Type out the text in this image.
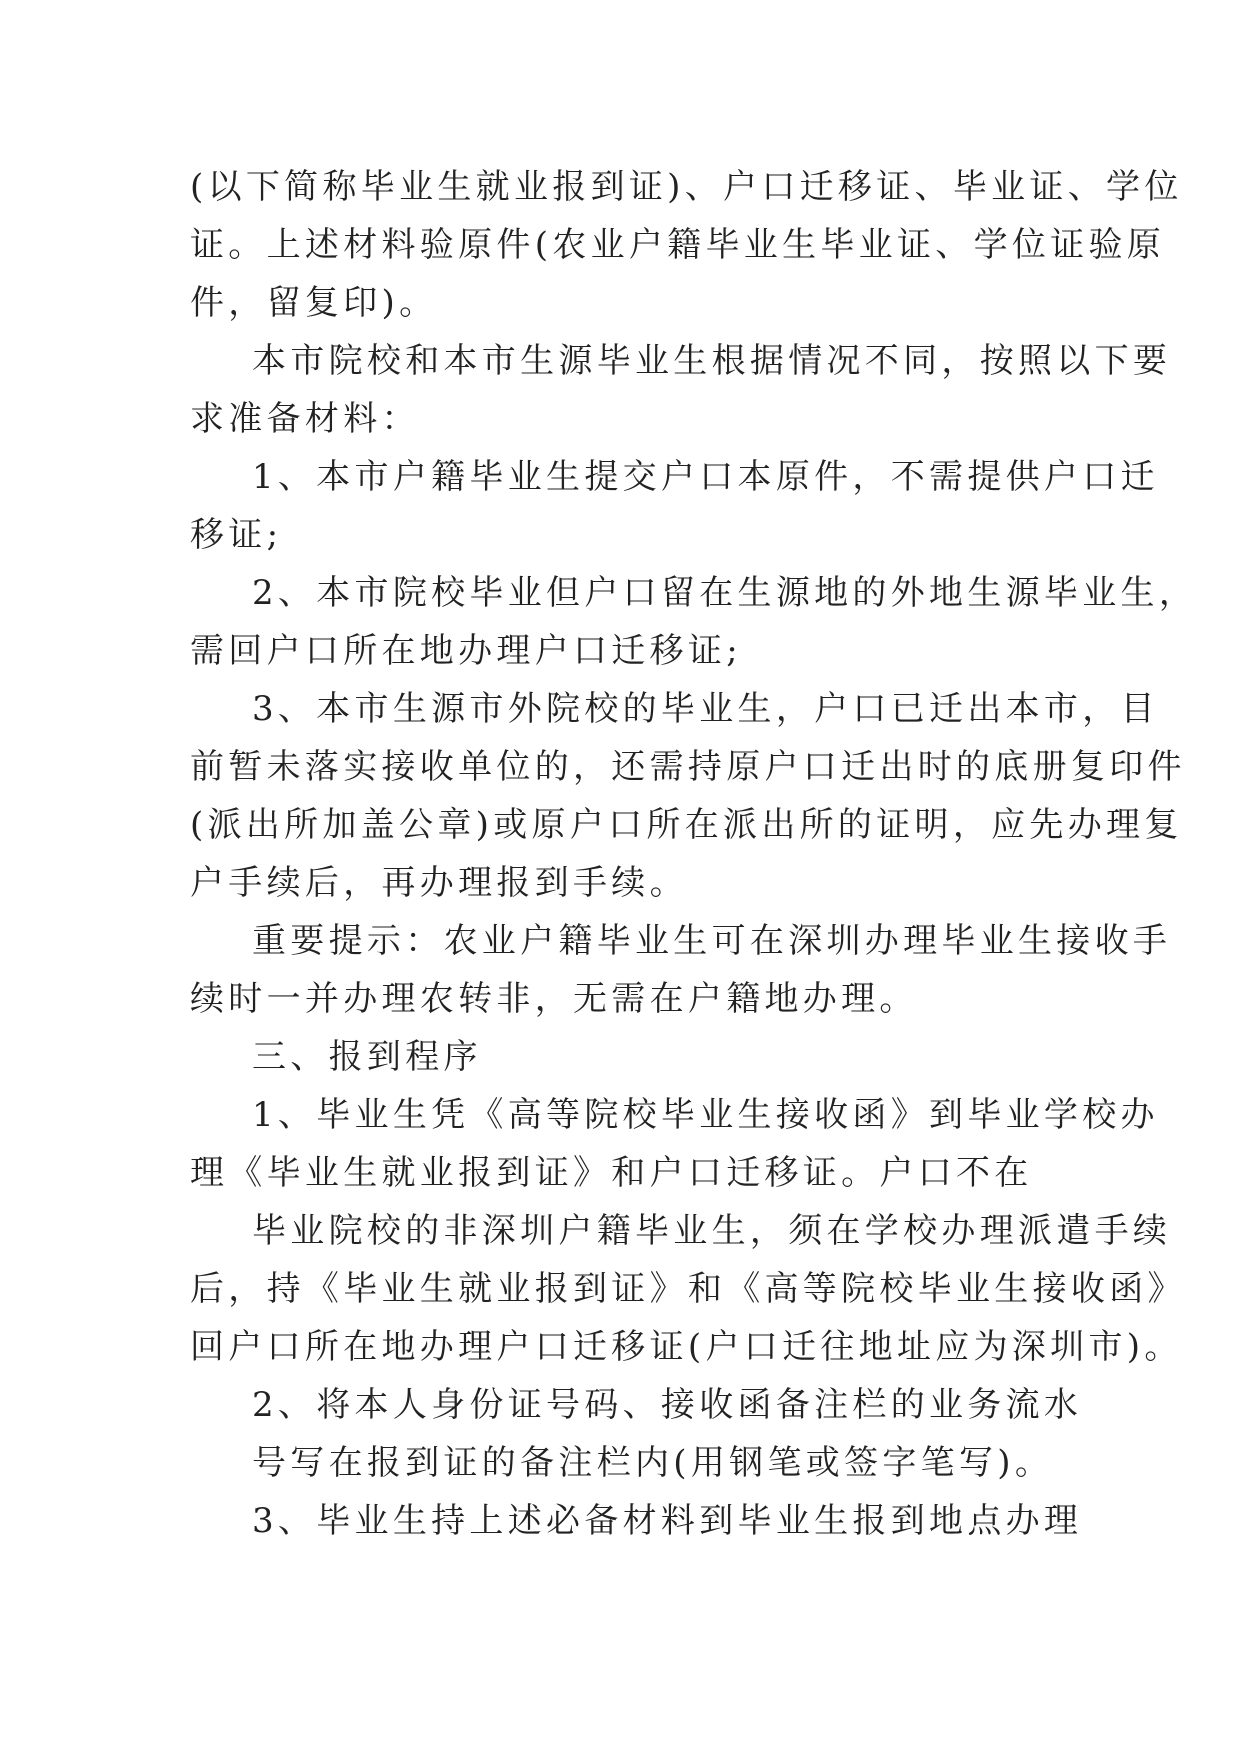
(以下简称毕业生就业报到证)、户口迁移证、毕业证、学位
证。上述材料验原件(农业户籍毕业生毕业证、学位证验原
件，留复印)。
本市院校和本市生源毕业生根据情况不同，按照以下要
求准备材料：
1、本市户籍毕业生提交户口本原件，不需提供户口迁
移证;
2、本市院校毕业但户口留在生源地的外地生源毕业生，
需回户口所在地办理户口迁移证;
3、本市生源市外院校的毕业生，户口已迁出本市，目
前暂未落实接收单位的，还需持原户口迁出时的底册复印件
(派出所加盖公章)或原户口所在派出所的证明，应先办理复
户手续后，再办理报到手续。
重要提示：农业户籍毕业生可在深圳办理毕业生接收手
续时一并办理农转非，无需在户籍地办理。
三、报到程序
1、毕业生凭《高等院校毕业生接收函》到毕业学校办
理《毕业生就业报到证》和户口迁移证。户口不在
毕业院校的非深圳户籍毕业生，须在学校办理派遣手续
后，持《毕业生就业报到证》和《高等院校毕业生接收函》
回户口所在地办理户口迁移证(户口迁往地址应为深圳市)。
2、将本人身份证号码、接收函备注栏的业务流水
号写在报到证的备注栏内(用钢笔或签字笔写)。
3、毕业生持上述必备材料到毕业生报到地点办理
